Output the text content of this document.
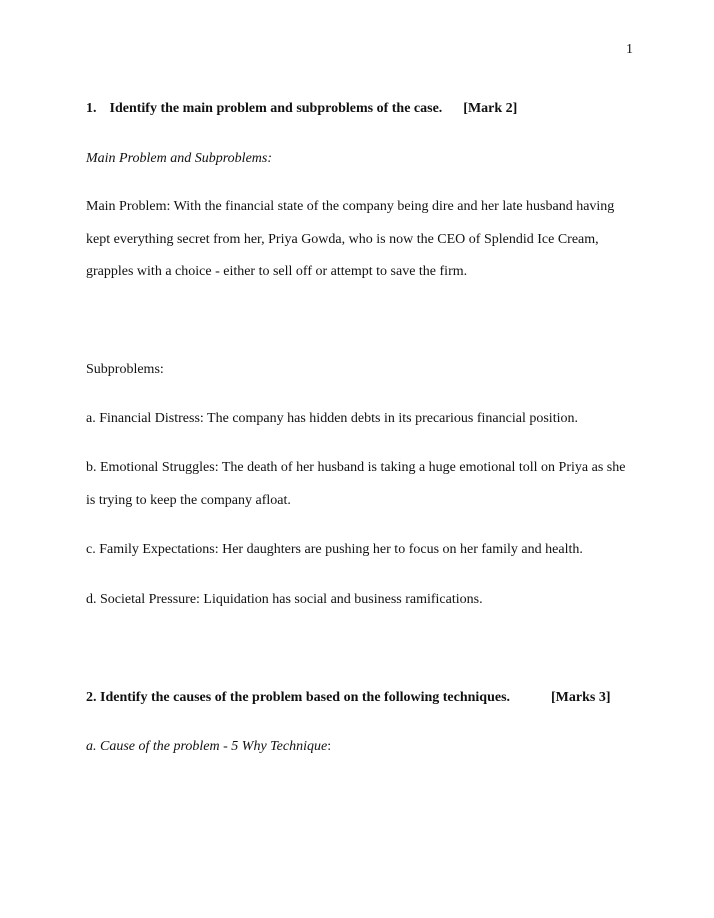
1
1. Identify the main problem and subproblems of the case. [Mark 2]
Main Problem and Subproblems:
Main Problem: With the financial state of the company being dire and her late husband having
kept everything secret from her, Priya Gowda, who is now the CEO of Splendid Ice Cream,
grapples with a choice - either to sell off or attempt to save the firm.
Subproblems:
a. Financial Distress: The company has hidden debts in its precarious financial position.
b. Emotional Struggles: The death of her husband is taking a huge emotional toll on Priya as she
is trying to keep the company afloat.
c. Family Expectations: Her daughters are pushing her to focus on her family and health.
d. Societal Pressure: Liquidation has social and business ramifications.
2. Identify the causes of the problem based on the following techniques.	[Marks 3]
a. Cause of the problem - 5 Why Technique:
